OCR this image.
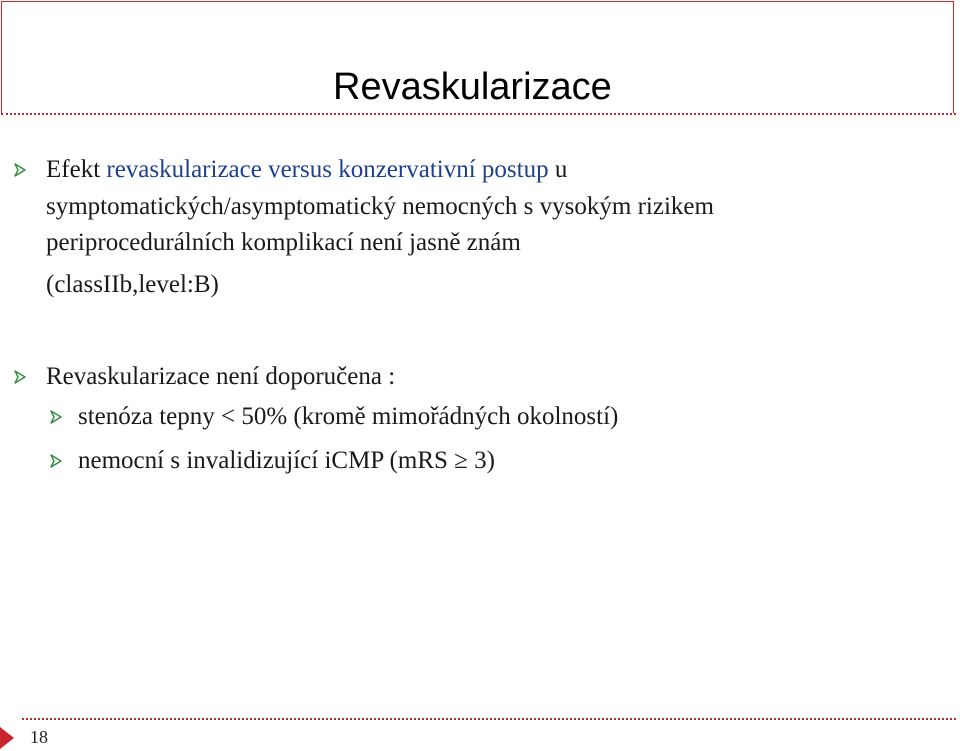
Revaskularizace
Efekt revaskularizace versus konzervativní postup u
symptomatických/asymptomatický nemocných s vysokým rizikem
periprocedurálních komplikací není jasně znám
(classIIb,level:B)
Revaskularizace není doporučena :
stenóza tepny < 50% (kromě mimořádných okolností)
nemocní s invalidizující iCMP (mRS ≥ 3)
18
